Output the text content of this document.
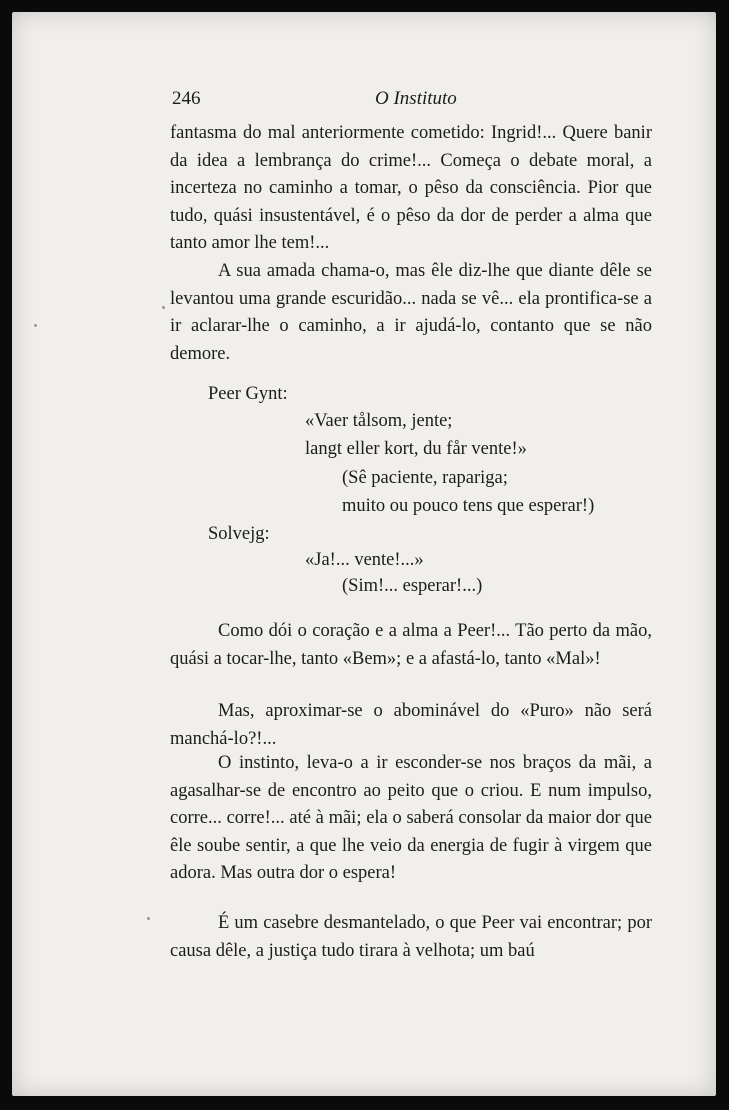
246	O Instituto

fantasma do mal anteriormente cometido: Ingrid!... Quere banir da idea a lembrança do crime!... Começa o debate moral, a incerteza no caminho a tomar, o pêso da consciência. Pior que tudo, quási insustentável, é o pêso da dor de perder a alma que tanto amor lhe tem!...

A sua amada chama-o, mas êle diz-lhe que diante dêle se levantou uma grande escuridão... nada se vê... ela prontifica-se a ir aclarar-lhe o caminho, a ir ajudá-lo, contanto que se não demore.

Peer Gynt:

«Vaer tålsom, jente;

langt eller kort, du får vente!»

(Sê paciente, rapariga;

muito ou pouco tens que esperar!)

Solvejg:

«Ja!... vente!...»

(Sim!... esperar!...)

Como dói o coração e a alma a Peer!... Tão perto da mão, quási a tocar-lhe, tanto «Bem»; e a afastá-lo, tanto «Mal»!

Mas, aproximar-se o abominável do «Puro» não será manchá-lo?!...

O instinto, leva-o a ir esconder-se nos braços da mãi, a agasalhar-se de encontro ao peito que o criou. E num impulso, corre... corre!... até à mãi; ela o saberá consolar da maior dor que êle soube sentir, a que lhe veio da energia de fugir à virgem que adora. Mas outra dor o espera!

É um casebre desmantelado, o que Peer vai encontrar; por causa dêle, a justiça tudo tirara à velhota; um baú
